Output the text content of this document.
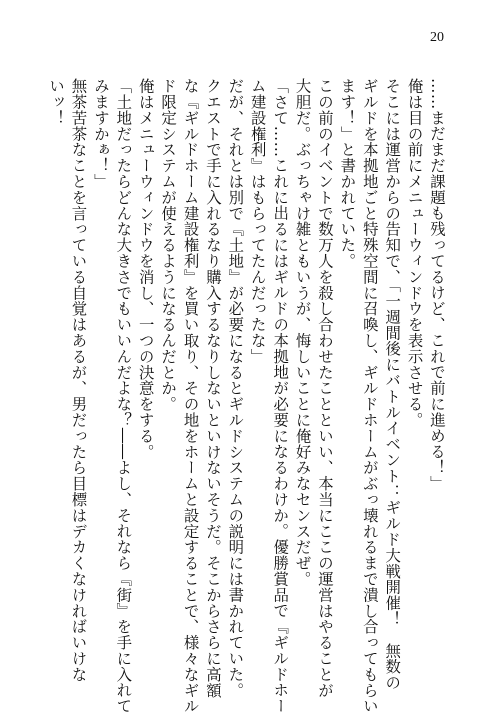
20

……まだまだ課題も残ってるけど、これで前に進める！」

俺は目の前にメニューウィンドウを表示させる。

そこには運営からの告知で、「一週間後にバトルイベント：ギルド大戦開催！　無数の

ギルドを本拠地ごと特殊空間に召喚し、ギルドホームがぶっ壊れるまで潰し合ってもらい

ます！」と書かれていた。

この前のイベントで数万人を殺し合わせたことといい、本当にここの運営はやることが

大胆だ。ぶっちゃけ雑ともいうが、悔しいことに俺好みなセンスだぜ。

「さて……これに出るにはギルドの本拠地が必要になるわけか。優勝賞品で『ギルドホー

ム建設権利』はもらってたんだったな」

だが、それとは別で『土地』が必要になるとギルドシステムの説明には書かれていた。

クエストで手に入れるなり購入するなりしないといけないそうだ。そこからさらに高額

な『ギルドホーム建設権利』を買い取り、その地をホームと設定することで、様々なギル

ド限定システムが使えるようになるんだとか。

俺はメニューウィンドウを消し、一つの決意をする。

「土地だったらどんな大きさでもいいんだよな？――よし、それなら『街』を手に入れて

みますかぁ！」

無茶苦茶なことを言っている自覚はあるが、男だったら目標はデカくなければいけな

いッ！
